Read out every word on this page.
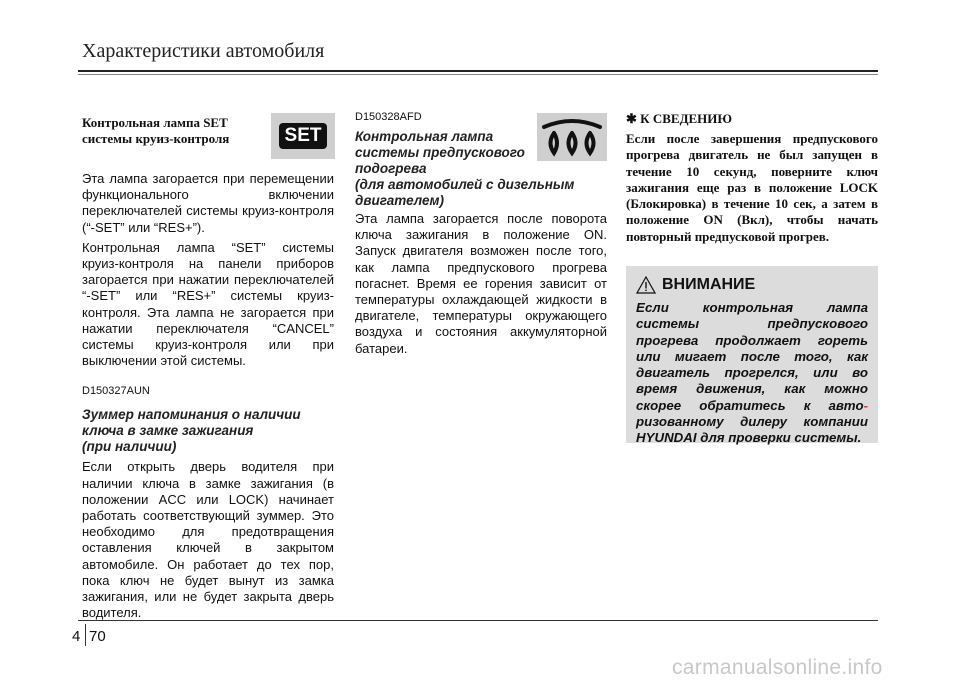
Характеристики автомобиля
Контрольная лампа SET системы круиз-контроля

Эта лампа загорается при перемещении функционального включении переключателей системы круиз-контроля (“-SET” или “RES+”).

Контрольная лампа “SET” системы круиз-контроля на панели приборов загорается при нажатии переключателей “-SET” или “RES+” системы круиз-контроля. Эта лампа не загорается при нажатии переключателя “CANCEL” системы круиз-контроля или при выключении этой системы.

D150327AUN

Зуммер напоминания о наличии

ключа в замке зажигания

(при наличии)

Если открыть дверь водителя при наличии ключа в замке зажигания (в положении ACC или LOCK) начинает работать соответствующий зуммер. Это необходимо для предотвращения оставления ключей в закрытом автомобиле. Он работает до тех пор, пока ключ не будет вынут из замка зажигания, или не будет закрыта дверь водителя.

SET

D150328AFD

Контрольная лампа

системы предпускового

подогрева

(для автомобилей с дизельным

двигателем)

Эта лампа загорается после поворота ключа зажигания в положение ON. Запуск двигателя возможен после того, как лампа предпускового прогрева погаснет. Время ее горения зависит от температуры охлаждающей жидкости в двигателе, температуры окружающего воздуха и состояния аккумуляторной батареи.

✱ К СВЕДЕНИЮ

Если после завершения предпускового прогрева двигатель не был запущен в течение 10 секунд, поверните ключ зажигания еще раз в положение LOCK (Блокировка) в течение 10 сек, а затем в положение ON (Вкл), чтобы начать повторный предпусковой прогрев.

ВНИМАНИЕ

Если контрольная лампа системы предпускового прогрева продолжает гореть или мигает после того, как двигатель прогрелся, или во время движения, как можно скорее обратитесь к авто- ризованному дилеру компании HYUNDAI для проверки системы.

4 70
carmanualsonline.info
